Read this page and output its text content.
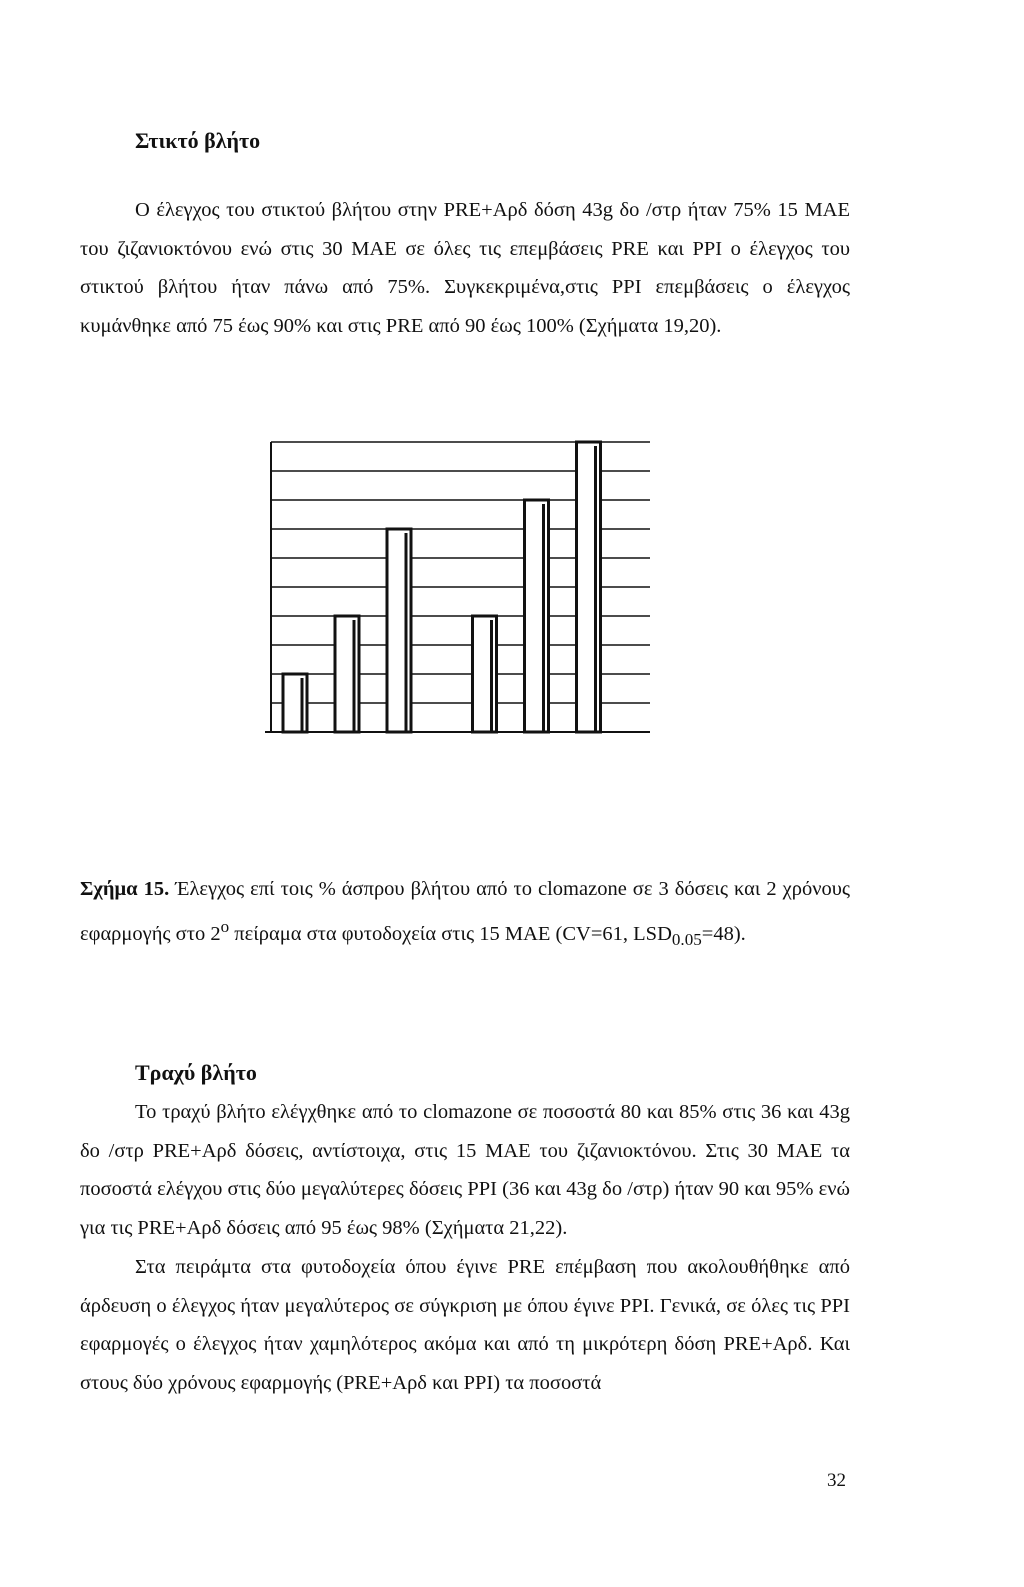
Στικτό βλήτο

Ο έλεγχος του στικτού βλήτου στην PRE+Αρδ δόση 43g δο /στρ ήταν 75% 15 ΜΑΕ του ζιζανιοκτόνου ενώ στις 30 ΜΑΕ σε όλες τις επεμβάσεις PRE και PPI ο έλεγχος του στικτού βλήτου ήταν πάνω από 75%. Συγκεκριμένα,στις PPI επεμβάσεις ο έλεγχος κυμάνθηκε από 75 έως 90% και στις PRE από 90 έως 100% (Σχήματα 19,20).

Σχήμα 15. Έλεγχος επί τοις % άσπρου βλήτου από το clomazone σε 3 δόσεις και 2 χρόνους εφαρμογής στο $2^o$ πείραμα στα φυτοδοχεία στις 15 ΜΑΕ (CV=61, $LSD_{0.05}=48$).

Τραχύ βλήτο

Το τραχύ βλήτο ελέγχθηκε από το clomazone σε ποσοστά 80 και 85% στις 36 και 43g δο /στρ PRE+Αρδ δόσεις, αντίστοιχα, στις 15 ΜΑΕ του ζιζανιοκτόνου. Στις 30 ΜΑΕ τα ποσοστά ελέγχου στις δύο μεγαλύτερες δόσεις PPI (36 και 43g δο /στρ) ήταν 90 και 95% ενώ για τις PRE+Αρδ δόσεις από 95 έως 98% (Σχήματα 21,22).

Στα πειράμτα στα φυτοδοχεία όπου έγινε PRE επέμβαση που ακολουθήθηκε από άρδευση ο έλεγχος ήταν μεγαλύτερος σε σύγκριση με όπου έγινε PPI. Γενικά, σε όλες τις PPI εφαρμογές ο έλεγχος ήταν χαμηλότερος ακόμα και από τη μικρότερη δόση PRE+Αρδ. Και στους δύο χρόνους εφαρμογής (PRE+Αρδ και PPI) τα ποσοστά

32
